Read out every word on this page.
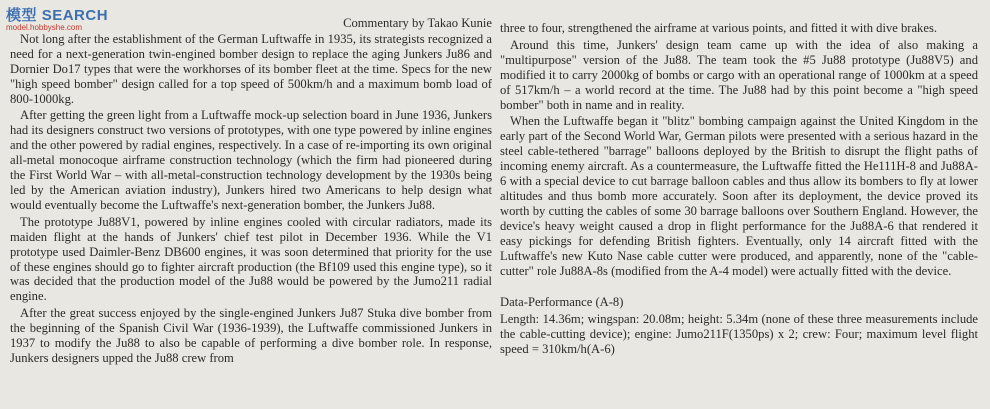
模型 SEARCH
model.hobbyshe.com	Commentary by Takao Kunie

Not long after the establishment of the German Luftwaffe in 1935, its strategists recognized a need for a next-generation twin-engined bomber design to replace the aging Junkers Ju86 and Dornier Do17 types that were the workhorses of its bomber fleet at the time. Specs for the new "high speed bomber" design called for a top speed of 500km/h and a maximum bomb load of 800-1000kg.

After getting the green light from a Luftwaffe mock-up selection board in June 1936, Junkers had its designers construct two versions of prototypes, with one type powered by inline engines and the other powered by radial engines, respectively. In a case of re-importing its own original all-metal monocoque airframe construction technology (which the firm had pioneered during the First World War – with all-metal-construction technology development by the 1930s being led by the American aviation industry), Junkers hired two Americans to help design what would eventually become the Luftwaffe's next-generation bomber, the Junkers Ju88.

The prototype Ju88V1, powered by inline engines cooled with circular radiators, made its maiden flight at the hands of Junkers' chief test pilot in December 1936. While the V1 prototype used Daimler-Benz DB600 engines, it was soon determined that priority for the use of these engines should go to fighter aircraft production (the Bf109 used this engine type), so it was decided that the production model of the Ju88 would be powered by the Jumo211 radial engine.

After the great success enjoyed by the single-engined Junkers Ju87 Stuka dive bomber from the beginning of the Spanish Civil War (1936-1939), the Luftwaffe commissioned Junkers in 1937 to modify the Ju88 to also be capable of performing a dive bomber role. In response, Junkers designers upped the Ju88 crew from

three to four, strengthened the airframe at various points, and fitted it with dive brakes.

Around this time, Junkers' design team came up with the idea of also making a "multipurpose" version of the Ju88. The team took the #5 Ju88 prototype (Ju88V5) and modified it to carry 2000kg of bombs or cargo with an operational range of 1000km at a speed of 517km/h – a world record at the time. The Ju88 had by this point become a "high speed bomber" both in name and in reality.

When the Luftwaffe began it "blitz" bombing campaign against the United Kingdom in the early part of the Second World War, German pilots were presented with a serious hazard in the steel cable-tethered "barrage" balloons deployed by the British to disrupt the flight paths of incoming enemy aircraft. As a countermeasure, the Luftwaffe fitted the He111H-8 and Ju88A-6 with a special device to cut barrage balloon cables and thus allow its bombers to fly at lower altitudes and thus bomb more accurately. Soon after its deployment, the device proved its worth by cutting the cables of some 30 barrage balloons over Southern England. However, the device's heavy weight caused a drop in flight performance for the Ju88A-6 that rendered it easy pickings for defending British fighters. Eventually, only 14 aircraft fitted with the Luftwaffe's new Kuto Nase cable cutter were produced, and apparently, none of the "cable-cutter" role Ju88A-8s (modified from the A-4 model) were actually fitted with the device.

Data-Performance (A-8)

Length: 14.36m; wingspan: 20.08m; height: 5.34m (none of these three measurements include the cable-cutting device); engine: Jumo211F(1350ps) x 2; crew: Four; maximum level flight speed = 310km/h(A-6)
